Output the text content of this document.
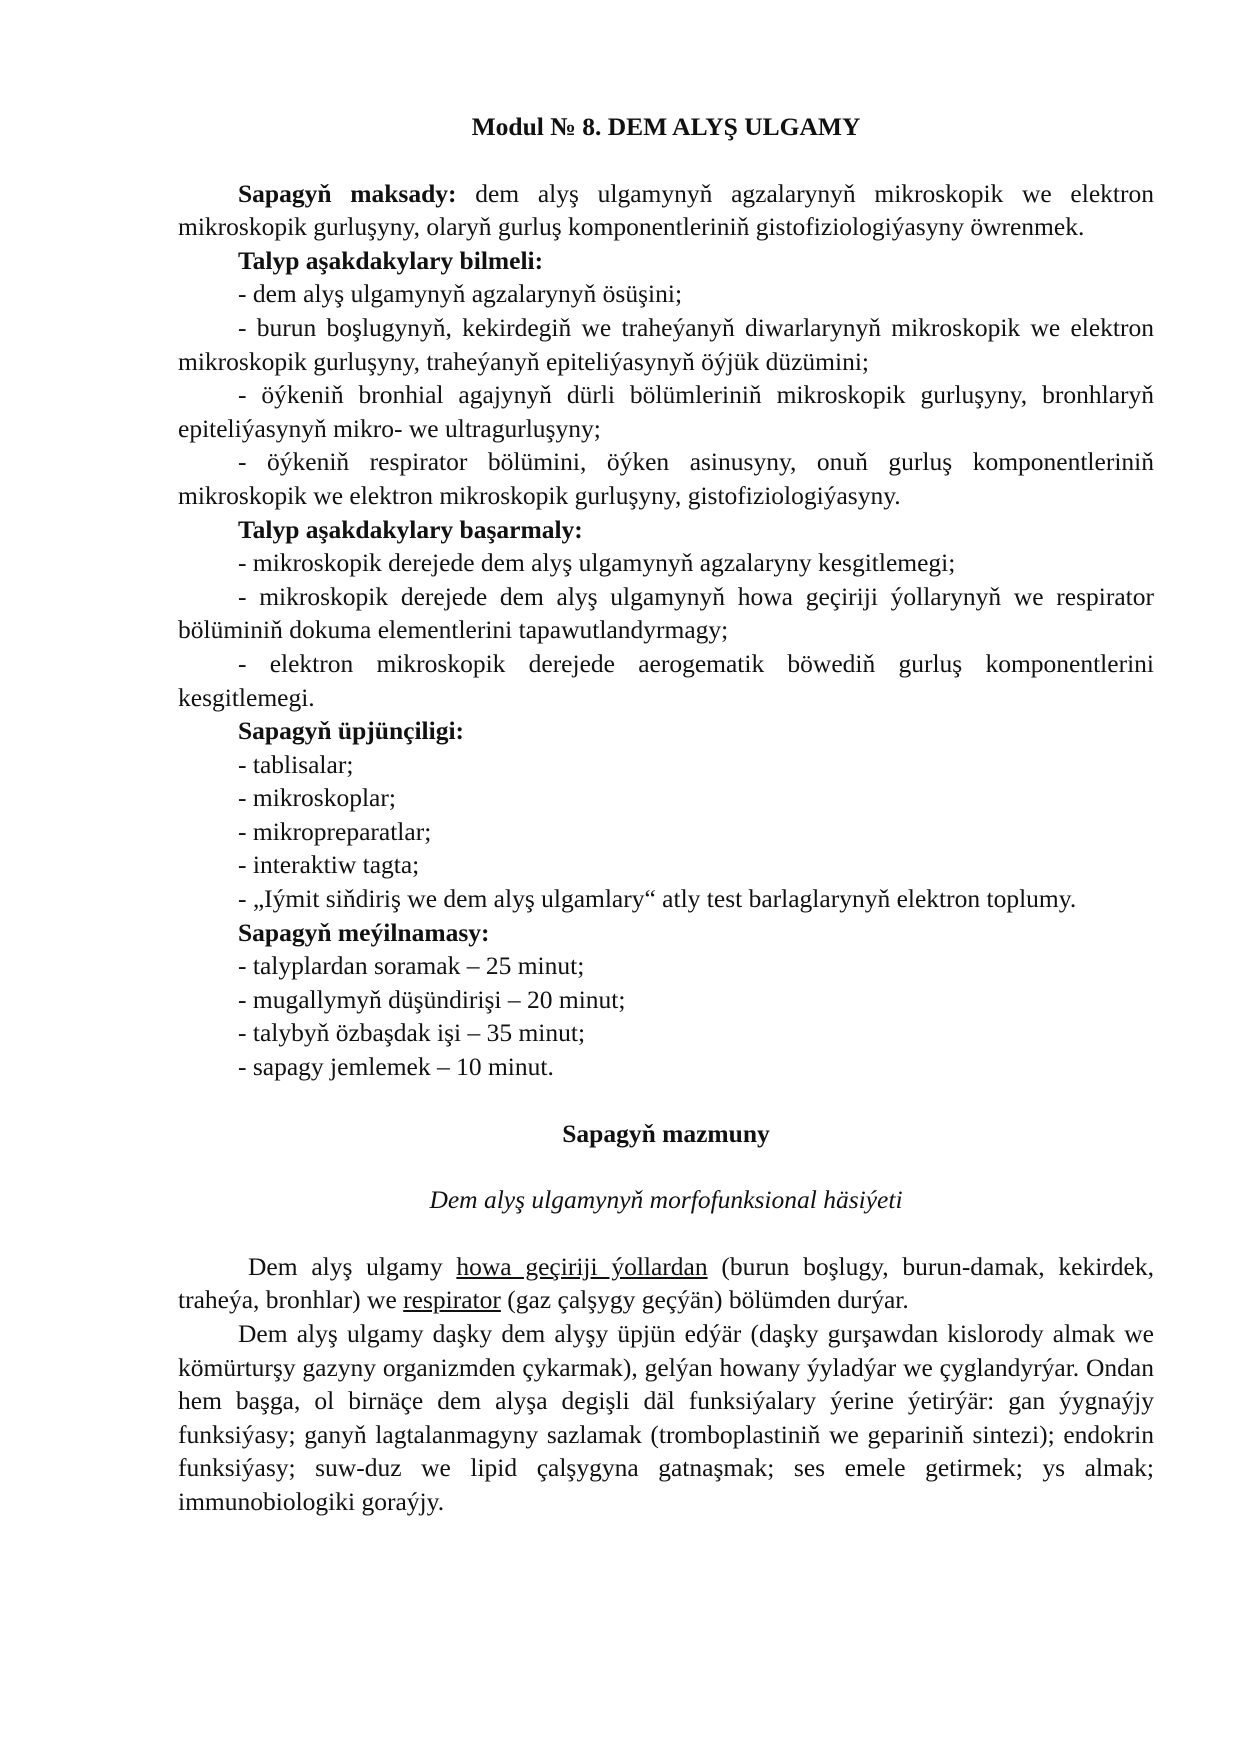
Modul № 8. DEM ALYŞ ULGAMY

Sapagyň maksady: dem alyş ulgamynyň agzalarynyň mikroskopik we elektron mikroskopik gurluşyny, olaryň gurluş komponentleriniň gistofiziologiýasyny öwrenmek.

Talyp aşakdakylary bilmeli:
- dem alyş ulgamynyň agzalarynyň ösüşini;
- burun boşlugynyň, kekirdegiň we traheýanyň diwarlarynyň mikroskopik we elektron mikroskopik gurluşyny, traheýanyň epiteliýasynyň öýjük düzümini;
- öýkeniň bronhial agajynyň dürli bölümleriniň mikroskopik gurluşyny, bronhlaryň epiteliýasynyň mikro- we ultragurluşyny;
- öýkeniň respirator bölümini, öýken asinusyny, onuň gurluş komponentleriniň mikroskopik we elektron mikroskopik gurluşyny, gistofiziologiýasyny.
Talyp aşakdakylary başarmaly:
- mikroskopik derejede dem alyş ulgamynyň agzalaryny kesgitlemegi;
- mikroskopik derejede dem alyş ulgamynyň howa geçiriji ýollarynyň we respirator bölüminiň dokuma elementlerini tapawutlandyrmagy;
- elektron mikroskopik derejede aerogematik böwediň gurluş komponentlerini kesgitlemegi.
Sapagyň üpjünçiligi:
- tablisalar;
- mikroskoplar;
- mikropreparatlar;
- interaktiw tagta;
- „Iýmit siňdiriş we dem alyş ulgamlary“ atly test barlaglarynyň elektron toplumy.
Sapagyň meýilnamasy:
- talyplardan soramak – 25 minut;
- mugallymyň düşündirişi – 20 minut;
- talybyň özbaşdak işi – 35 minut;
- sapagy jemlemek – 10 minut.
Sapagyň mazmuny
Dem alyş ulgamynyň morfofunksional häsiýeti

Dem alyş ulgamy howa geçiriji ýollardan (burun boşlugy, burun-damak, kekirdek, traheýa, bronhlar) we respirator (gaz çalşygy geçýän) bölümden durýar.

Dem alyş ulgamy daşky dem alyşy üpjün edýär (daşky gurşawdan kislorody almak we kömürturşy gazyny organizmden çykarmak), gelýan howany ýyladýar we çyglandyrýar. Ondan hem başga, ol birnäçe dem alyşa degişli däl funksiýalary ýerine ýetirýär: gan ýygnaýjy funksiýasy; ganyň lagtalanmagyny sazlamak (tromboplastiniň we gepariniň sintezi); endokrin funksiýasy; suw-duz we lipid çalşygyna gatnaşmak; ses emele getirmek; ys almak; immunobiologiki goraýjy.
